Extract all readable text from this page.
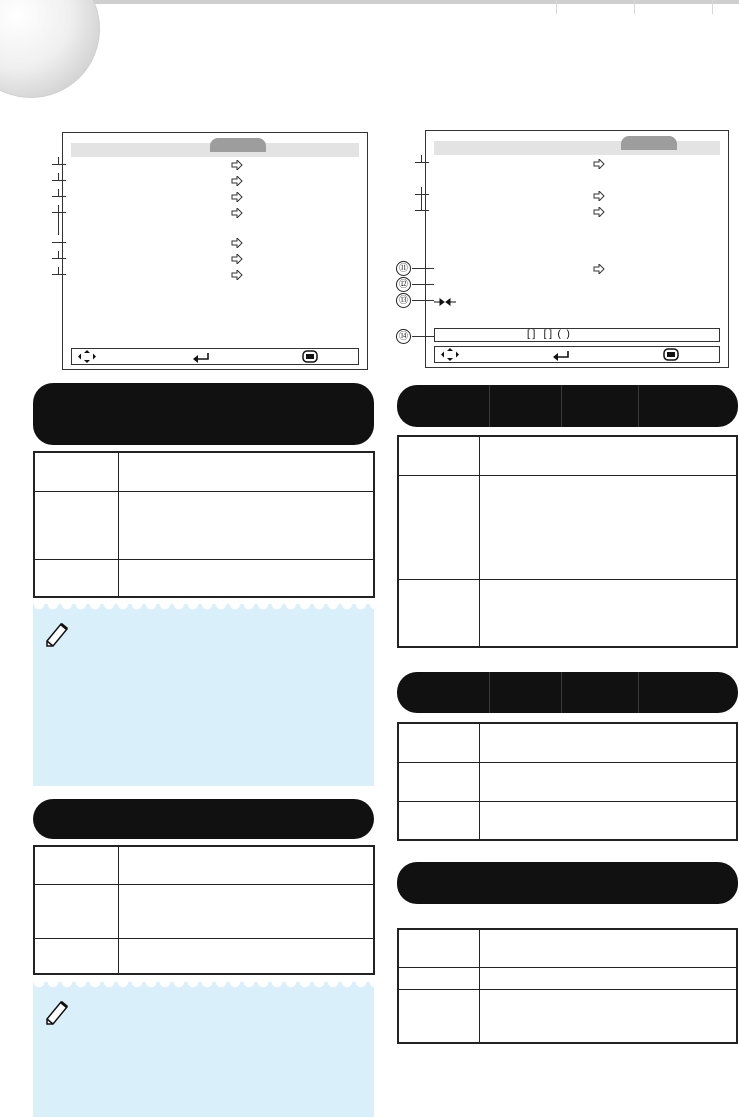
[ ]   [ ]  (  )
⑪
⑫
⑬
⑭
